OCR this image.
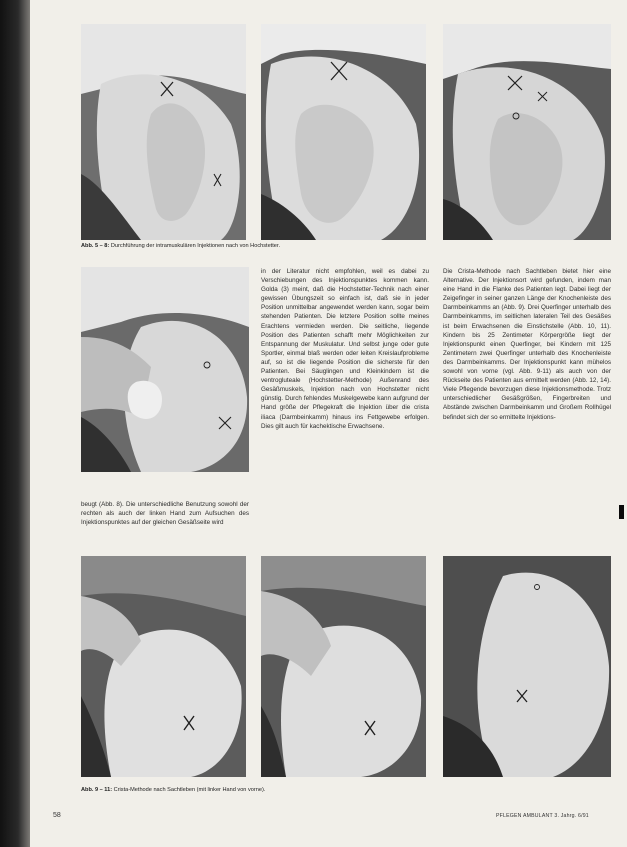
Abb. 5 – 8: Durchführung der intramuskulären Injektionen nach von Hochstetter.
beugt (Abb. 8). Die unterschiedliche Benutzung sowohl der rechten als auch der linken Hand zum Aufsuchen des Injektionspunktes auf der gleichen Gesäßseite wird
in der Literatur nicht empfohlen, weil es dabei zu Verschiebungen des Injektionspunktes kommen kann. Golda (3) meint, daß die Hochstetter-Technik nach einer gewissen Übungszeit so einfach ist, daß sie in jeder Position unmittelbar angewendet werden kann, sogar beim stehenden Patienten. Die letztere Position sollte meines Erachtens vermieden werden. Die seitliche, liegende Position des Patienten schafft mehr Möglichkeiten zur Entspannung der Muskulatur. Und selbst junge oder gute Sportler, einmal blaß werden oder leiten Kreislaufprobleme auf, so ist die liegende Position die sicherste für den Patienten. Bei Säuglingen und Kleinkindern ist die ventrogluteale (Hochstetter-Methode) Außenrand des Gesäßmuskels, Injektion nach von Hochstetter nicht günstig. Durch fehlendes Muskelgewebe kann aufgrund der Hand größe der Pflegekraft die Injektion über die crista iliaca (Darmbeinkamm) hinaus ins Fettgewebe erfolgen. Dies gilt auch für kachektische Erwachsene.
Die Crista-Methode nach Sachtleben bietet hier eine Alternative. Der Injektionsort wird gefunden, indem man eine Hand in die Flanke des Patienten legt. Dabei liegt der Zeigefinger in seiner ganzen Länge der Knochenleiste des Darmbeinkamms an (Abb. 9). Drei Querfinger unterhalb des Darmbeinkamms, im seitlichen lateralen Teil des Gesäßes ist beim Erwachsenen die Einstichstelle (Abb. 10, 11). Kindern bis 25 Zentimeter Körpergröße liegt der Injektionspunkt einen Querfinger, bei Kindern mit 125 Zentimetern zwei Querfinger unterhalb des Knochenleiste des Darmbeinkamms. Der Injektionspunkt kann mühelos sowohl von vorne (vgl. Abb. 9-11) als auch von der Rückseite des Patienten aus ermittelt werden (Abb. 12, 14). Viele Pflegende bevorzugen diese Injektionsmethode. Trotz unterschiedlicher Gesäßgrößen, Fingerbreiten und Abstände zwischen Darmbeinkamm und Großem Rollhügel befindet sich der so ermittelte Injektions-
Abb. 9 – 11: Crista-Methode nach Sachtleben (mit linker Hand von vorne).
58	PFLEGEN AMBULANT 3. Jahrg. 6/91
